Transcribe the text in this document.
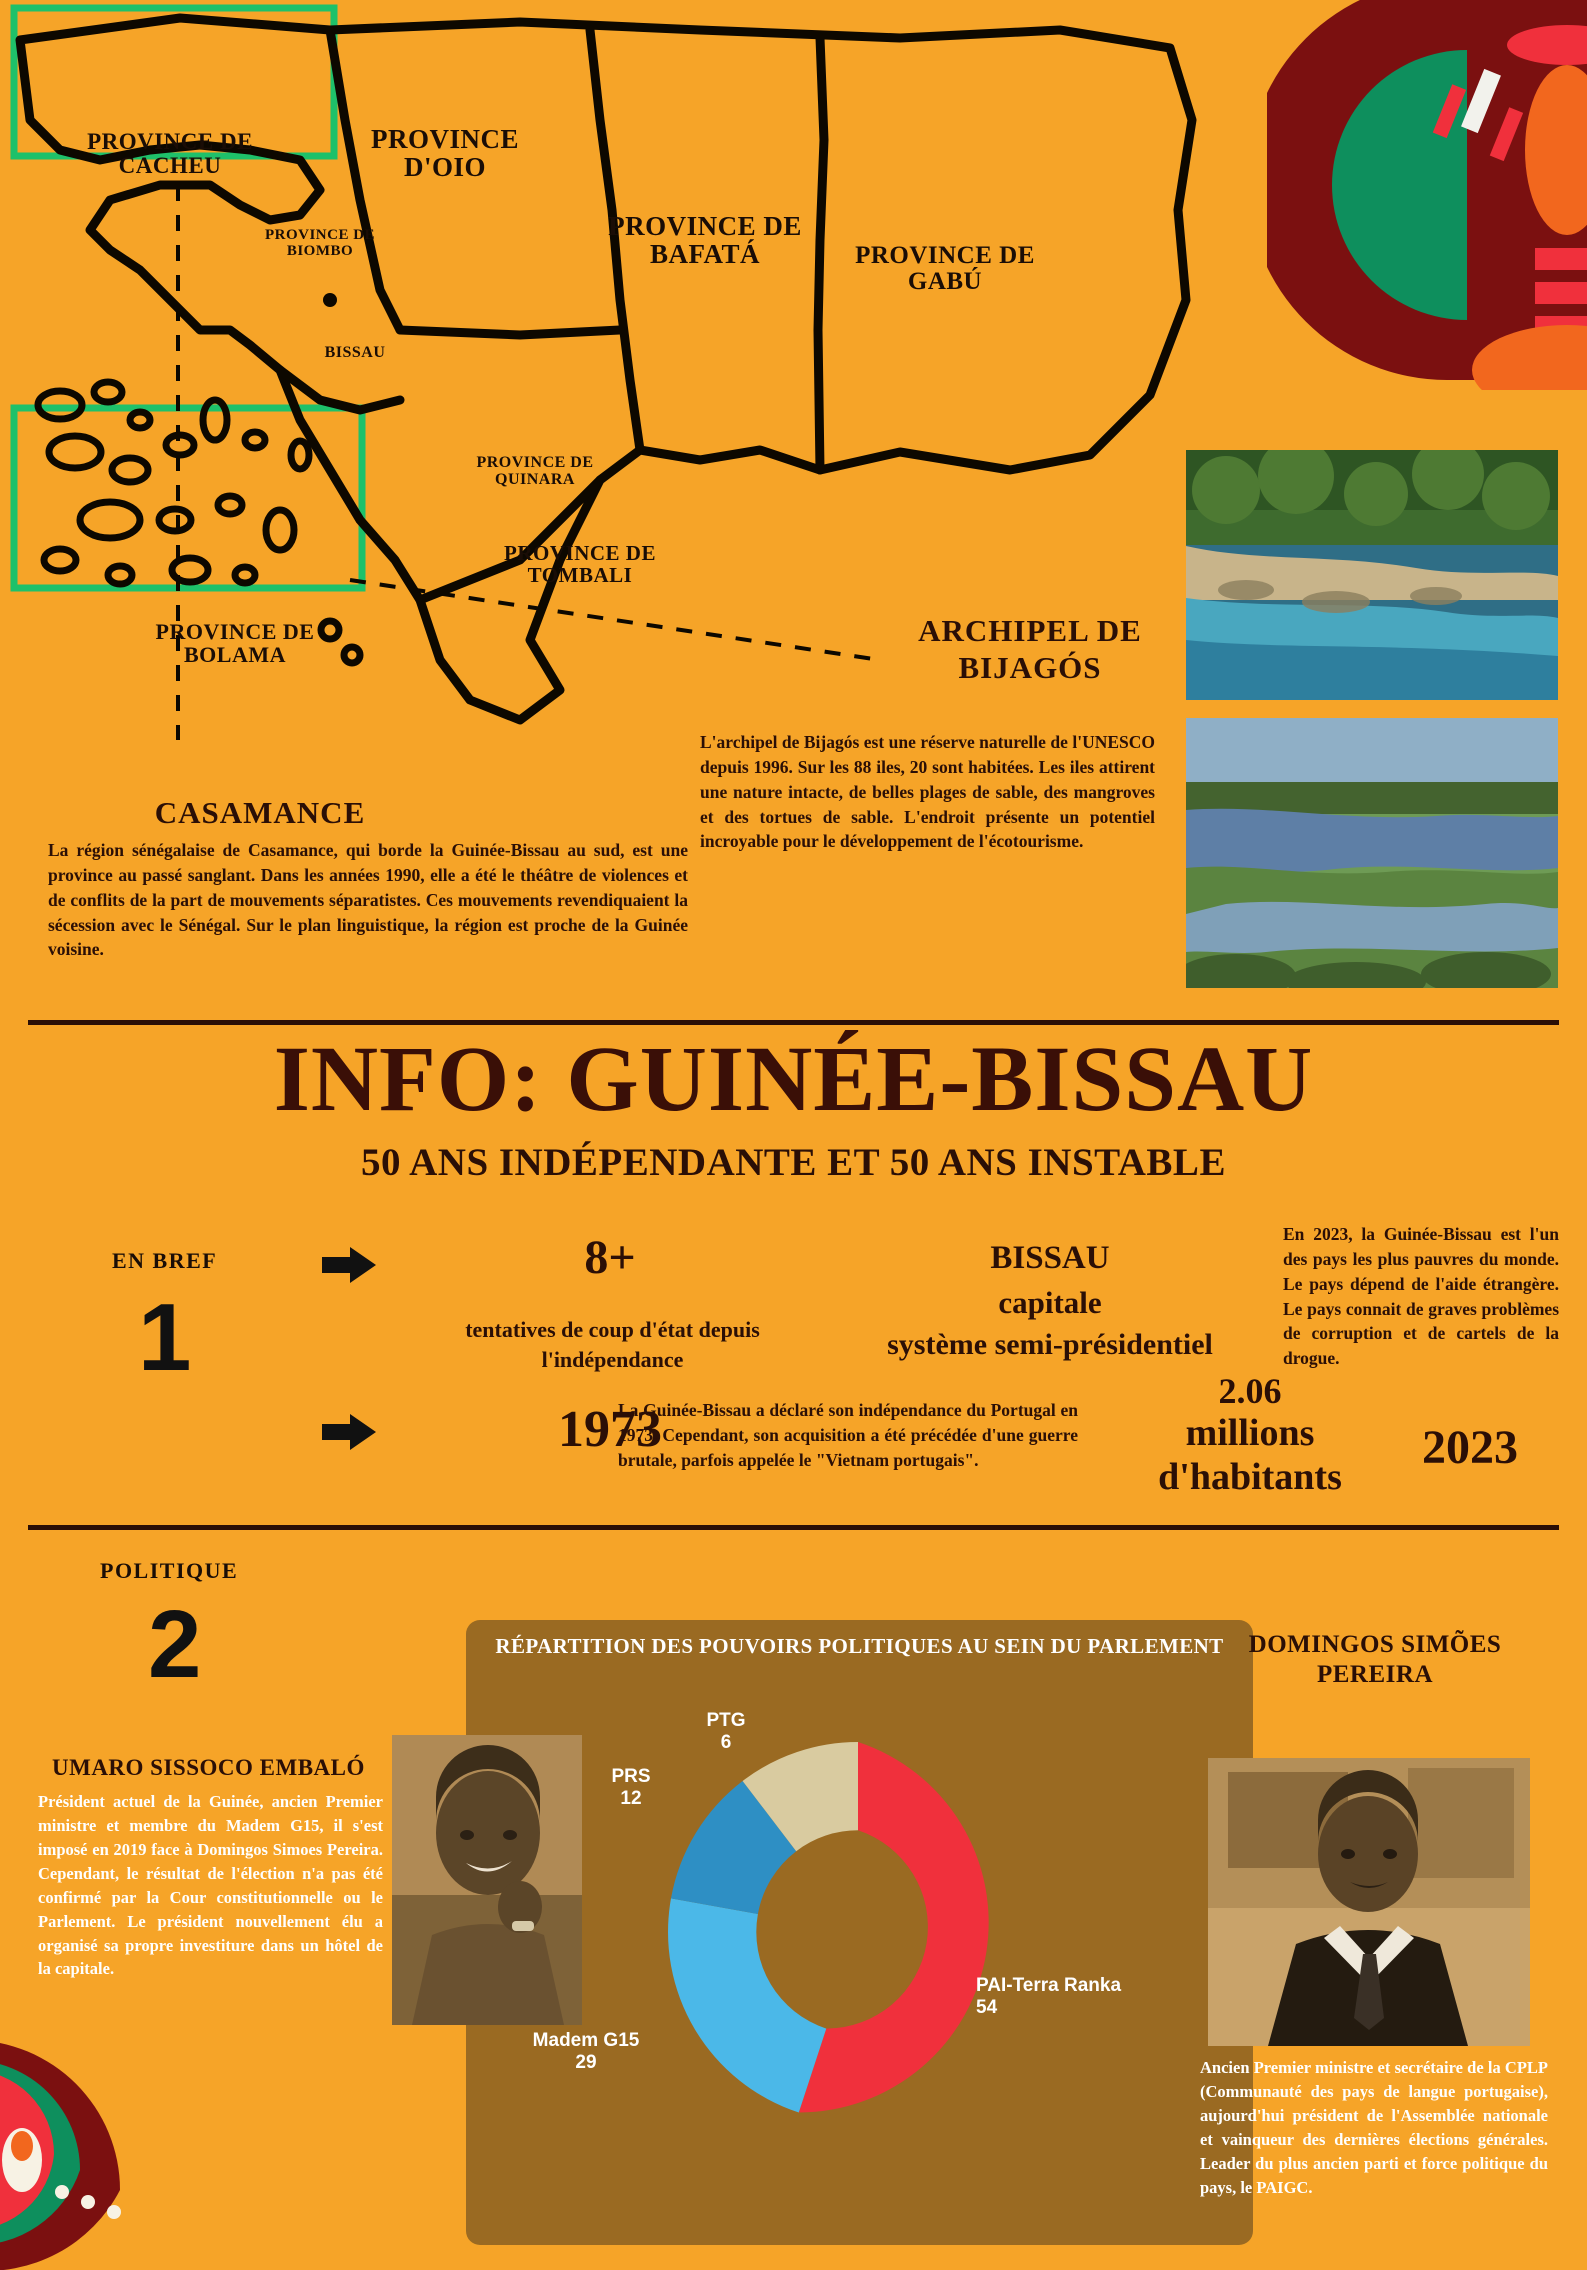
PROVINCE DE CACHEU
PROVINCE D'OIO
PROVINCE DE BIOMBO
BISSAU
PROVINCE DE BAFATÁ	PROVINCE DE GABÚ
PROVINCE DE QUINARA
PROVINCE DE TOMBALI
PROVINCE DE BOLAMA
ARCHIPEL DE BIJAGÓS
L'archipel de Bijagós est une réserve naturelle de l'UNESCO depuis 1996. Sur les 88 iles, 20 sont habitées. Les iles attirent une nature intacte, de belles plages de sable, des mangroves et des tortues de sable. L'endroit présente un potentiel incroyable pour le développement de l'écotourisme.
CASAMANCE
La région sénégalaise de Casamance, qui borde la Guinée-Bissau au sud, est une province au passé sanglant. Dans les années 1990, elle a été le théâtre de violences et de conflits de la part de mouvements séparatistes. Ces mouvements revendiquaient la sécession avec le Sénégal. Sur le plan linguistique, la région est proche de la Guinée voisine.
INFO: GUINÉE-BISSAU
50 ANS INDÉPENDANTE ET 50 ANS INSTABLE
EN BREF
1
8+
tentatives de coup d'état depuis l'indépendance
1973
La Guinée-Bissau a déclaré son indépendance du Portugal en 1973. Cependant, son acquisition a été précédée d'une guerre brutale, parfois appelée le "Vietnam portugais".
BISSAU
capitale
système semi-présidentiel
2.06
millions d'habitants
En 2023, la Guinée-Bissau est l'un des pays les plus pauvres du monde. Le pays dépend de l'aide étrangère. Le pays connait de graves problèmes de corruption et de cartels de la drogue.
2023
POLITIQUE
2	RÉPARTITION DES POUVOIRS POLITIQUES AU SEIN DU PARLEMENT
PTG
6
PRS
12
PAI-Terra Ranka
54
Madem G15
29
UMARO SISSOCO EMBALÓ
Président actuel de la Guinée, ancien Premier ministre et membre du Madem G15, il s'est imposé en 2019 face à Domingos Simoes Pereira. Cependant, le résultat de l'élection n'a pas été confirmé par la Cour constitutionnelle ou le Parlement. Le président nouvellement élu a organisé sa propre investiture dans un hôtel de la capitale.
DOMINGOS SIMÕES PEREIRA
Ancien Premier ministre et secrétaire de la CPLP (Communauté des pays de langue portugaise), aujourd'hui président de l'Assemblée nationale et vainqueur des dernières élections générales. Leader du plus ancien parti et force politique du pays, le PAIGC.
